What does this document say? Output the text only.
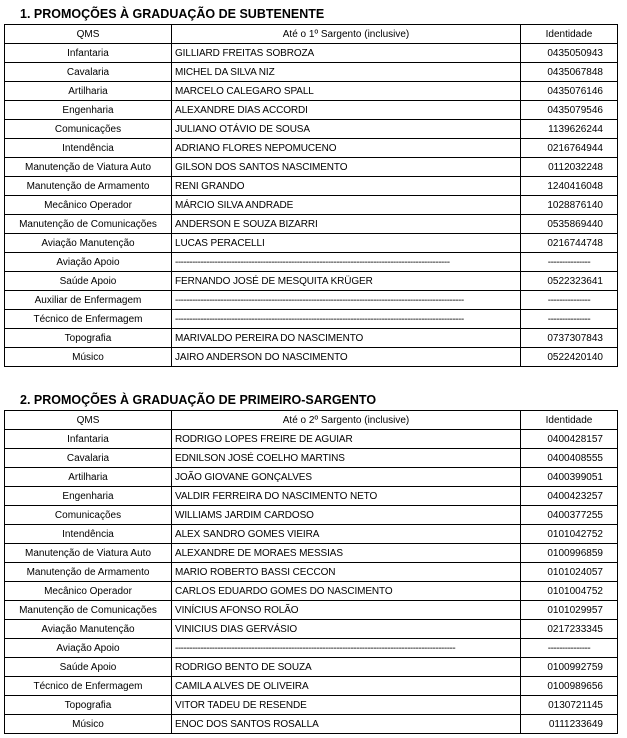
1. PROMOÇÕES À GRADUAÇÃO DE SUBTENENTE
QMS	Até o 1º Sargento (inclusive)	Identidade
Infantaria	GILLIARD FREITAS SOBROZA	0435050943
Cavalaria	MICHEL DA SILVA NIZ	0435067848
Artilharia	MARCELO CALEGARO SPALL	0435076146
Engenharia	ALEXANDRE DIAS ACCORDI	0435079546
Comunicações	JULIANO OTÁVIO DE SOUSA	1139626244
Intendência	ADRIANO FLORES NEPOMUCENO	0216764944
Manutenção de Viatura Auto	GILSON DOS SANTOS NASCIMENTO	0112032248
Manutenção de Armamento	RENI GRANDO	1240416048
Mecânico Operador	MÁRCIO SILVA ANDRADE	1028876140
Manutenção de Comunicações	ANDERSON E SOUZA BIZARRI	0535869440
Aviação Manutenção	LUCAS PERACELLI	0216744748
Aviação Apoio	-------------------------------------------------------------------------------------------------	---------------
Saúde Apoio	FERNANDO JOSÉ DE MESQUITA KRÜGER	0522323641
Auxiliar de Enfermagem	------------------------------------------------------------------------------------------------------	---------------
Técnico de Enfermagem	------------------------------------------------------------------------------------------------------	---------------
Topografia	MARIVALDO PEREIRA DO NASCIMENTO	0737307843
Músico	JAIRO ANDERSON DO NASCIMENTO	0522420140
2. PROMOÇÕES À GRADUAÇÃO DE PRIMEIRO-SARGENTO
QMS	Até o 2º Sargento (inclusive)	Identidade
Infantaria	RODRIGO LOPES FREIRE DE AGUIAR	0400428157
Cavalaria	EDNILSON JOSÉ COELHO MARTINS	0400408555
Artilharia	JOÃO GIOVANE GONÇALVES	0400399051
Engenharia	VALDIR FERREIRA DO NASCIMENTO NETO	0400423257
Comunicações	WILLIAMS JARDIM CARDOSO	0400377255
Intendência	ALEX SANDRO GOMES VIEIRA	0101042752
Manutenção de Viatura Auto	ALEXANDRE DE MORAES MESSIAS	0100996859
Manutenção de Armamento	MARIO ROBERTO BASSI CECCON	0101024057
Mecânico Operador	CARLOS EDUARDO GOMES DO NASCIMENTO	0101004752
Manutenção de Comunicações	VINÍCIUS AFONSO ROLÃO	0101029957
Aviação Manutenção	VINICIUS DIAS GERVÁSIO	0217233345
Aviação Apoio	---------------------------------------------------------------------------------------------------	---------------
Saúde Apoio	RODRIGO BENTO DE SOUZA	0100992759
Técnico de Enfermagem	CAMILA ALVES DE OLIVEIRA	0100989656
Topografia	VITOR TADEU DE RESENDE	0130721145
Músico	ENOC DOS SANTOS ROSALLA	0111233649
